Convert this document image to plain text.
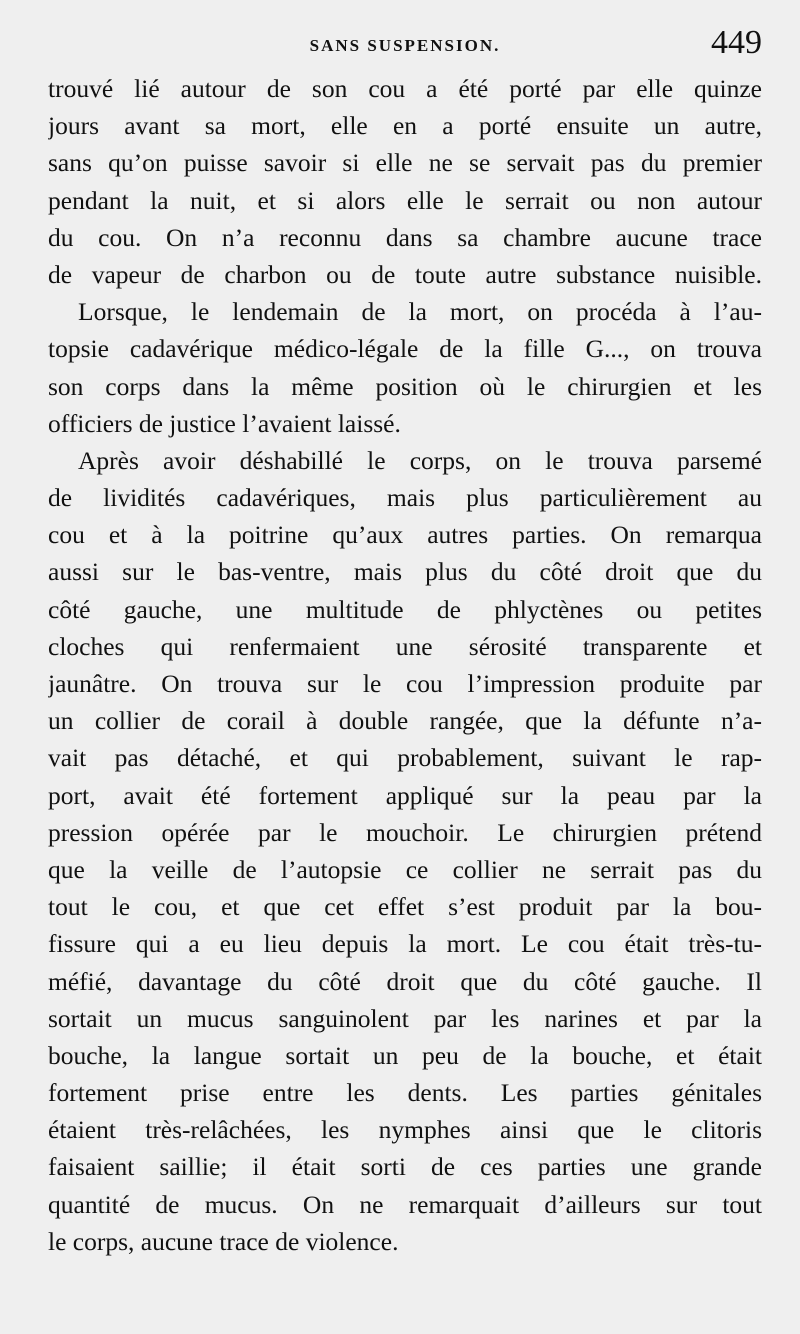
SANS SUSPENSION.	449
trouvé lié autour de son cou a été porté par elle quinze
jours avant sa mort, elle en a porté ensuite un autre,
sans qu’on puisse savoir si elle ne se servait pas du premier
pendant la nuit, et si alors elle le serrait ou non autour
du cou. On n’a reconnu dans sa chambre aucune trace
de vapeur de charbon ou de toute autre substance nuisible.
Lorsque, le lendemain de la mort, on procéda à l’au-
topsie cadavérique médico-légale de la fille G..., on trouva
son corps dans la même position où le chirurgien et les
officiers de justice l’avaient laissé.
Après avoir déshabillé le corps, on le trouva parsemé
de lividités cadavériques, mais plus particulièrement au
cou et à la poitrine qu’aux autres parties. On remarqua
aussi sur le bas-ventre, mais plus du côté droit que du
côté gauche, une multitude de phlyctènes ou petites
cloches qui renfermaient une sérosité transparente et
jaunâtre. On trouva sur le cou l’impression produite par
un collier de corail à double rangée, que la défunte n’a-
vait pas détaché, et qui probablement, suivant le rap-
port, avait été fortement appliqué sur la peau par la
pression opérée par le mouchoir. Le chirurgien prétend
que la veille de l’autopsie ce collier ne serrait pas du
tout le cou, et que cet effet s’est produit par la bou-
fissure qui a eu lieu depuis la mort. Le cou était très-tu-
méfié, davantage du côté droit que du côté gauche. Il
sortait un mucus sanguinolent par les narines et par la
bouche, la langue sortait un peu de la bouche, et était
fortement prise entre les dents. Les parties génitales
étaient très-relâchées, les nymphes ainsi que le clitoris
faisaient saillie; il était sorti de ces parties une grande
quantité de mucus. On ne remarquait d’ailleurs sur tout
le corps, aucune trace de violence.
